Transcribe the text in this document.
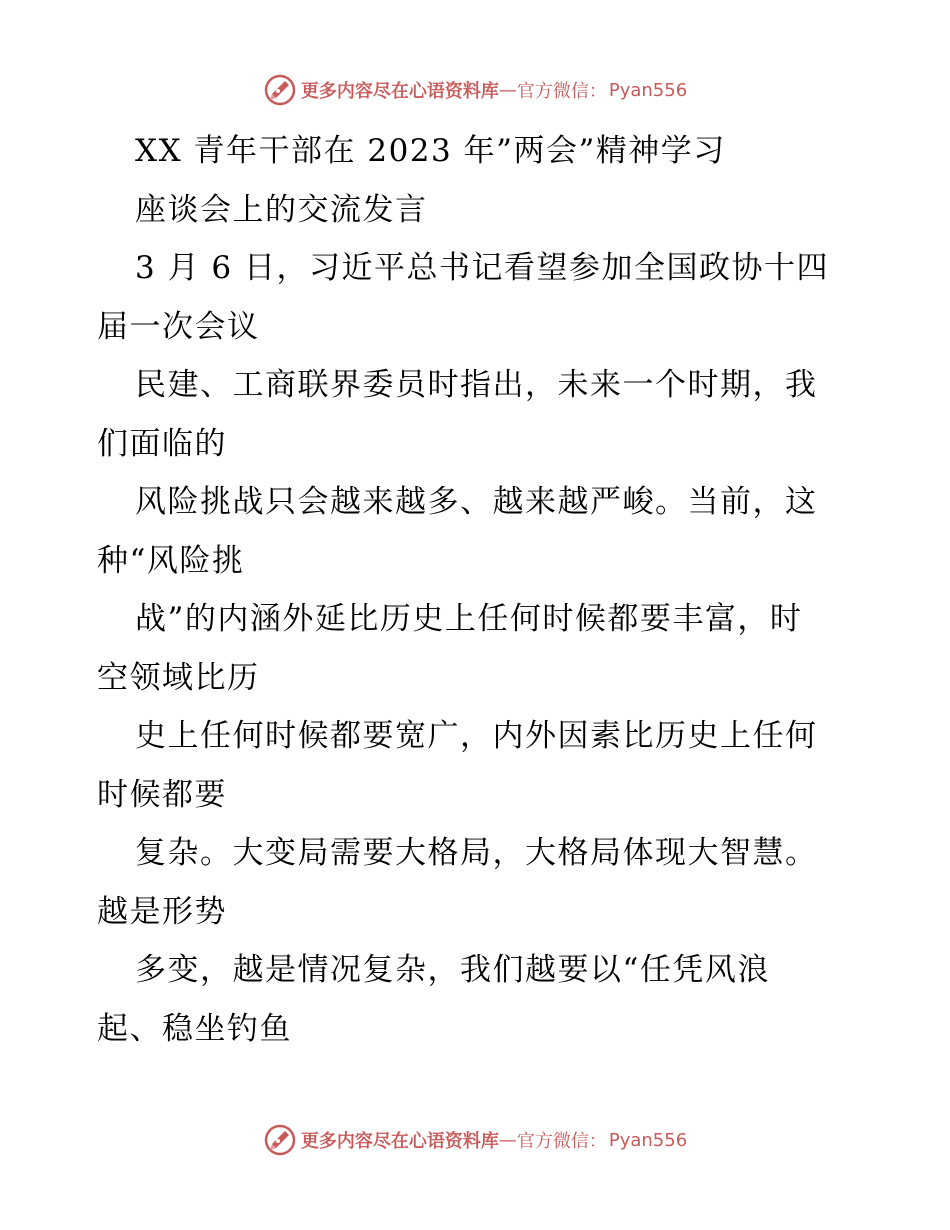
更多内容尽在心语资料库 — 官方微信： Pyan556
XX 青年干部在 2023 年”两会”精神学习
座谈会上的交流发言
3 月 6 日，习近平总书记看望参加全国政协十四
届一次会议
民建、工商联界委员时指出，未来一个时期，我
们面临的
风险挑战只会越来越多、越来越严峻。当前，这
种“风险挑
战”的内涵外延比历史上任何时候都要丰富，时
空领域比历
史上任何时候都要宽广，内外因素比历史上任何
时候都要
复杂。大变局需要大格局，大格局体现大智慧。
越是形势
多变，越是情况复杂，我们越要以“任凭风浪
起、稳坐钓鱼
更多内容尽在心语资料库 — 官方微信： Pyan556
